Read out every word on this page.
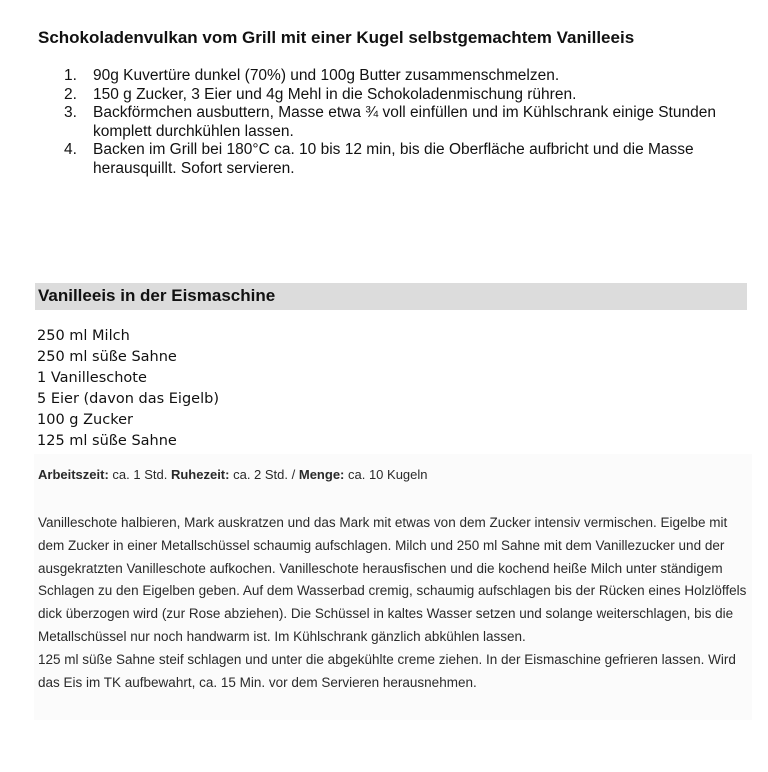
Schokoladenvulkan vom Grill mit einer Kugel selbstgemachtem Vanilleeis
1. 90g Kuvertüre dunkel (70%) und 100g Butter zusammenschmelzen.
2. 150 g Zucker, 3 Eier und 4g Mehl in die Schokoladenmischung rühren.
3. Backförmchen ausbuttern, Masse etwa ¾ voll einfüllen und im Kühlschrank einige Stunden komplett durchkühlen lassen.
4. Backen im Grill bei 180°C ca. 10 bis 12 min, bis die Oberfläche aufbricht und die Masse herausquillt. Sofort servieren.
Vanilleeis in der Eismaschine
250 ml Milch
250 ml süße Sahne
1 Vanilleschote
5 Eier (davon das Eigelb)
100 g Zucker
125 ml süße Sahne
Arbeitszeit: ca. 1 Std. Ruhezeit: ca. 2 Std. / Menge: ca. 10 Kugeln

Vanilleschote halbieren, Mark auskratzen und das Mark mit etwas von dem Zucker intensiv vermischen. Eigelbe mit dem Zucker in einer Metallschüssel schaumig aufschlagen. Milch und 250 ml Sahne mit dem Vanillezucker und der ausgekratzten Vanilleschote aufkochen. Vanilleschote herausfischen und die kochend heiße Milch unter ständigem Schlagen zu den Eigelben geben. Auf dem Wasserbad cremig, schaumig aufschlagen bis der Rücken eines Holzlöffels dick überzogen wird (zur Rose abziehen). Die Schüssel in kaltes Wasser setzen und solange weiterschlagen, bis die Metallschüssel nur noch handwarm ist. Im Kühlschrank gänzlich abkühlen lassen.

125 ml süße Sahne steif schlagen und unter die abgekühlte creme ziehen. In der Eismaschine gefrieren lassen. Wird das Eis im TK aufbewahrt, ca. 15 Min. vor dem Servieren herausnehmen.
